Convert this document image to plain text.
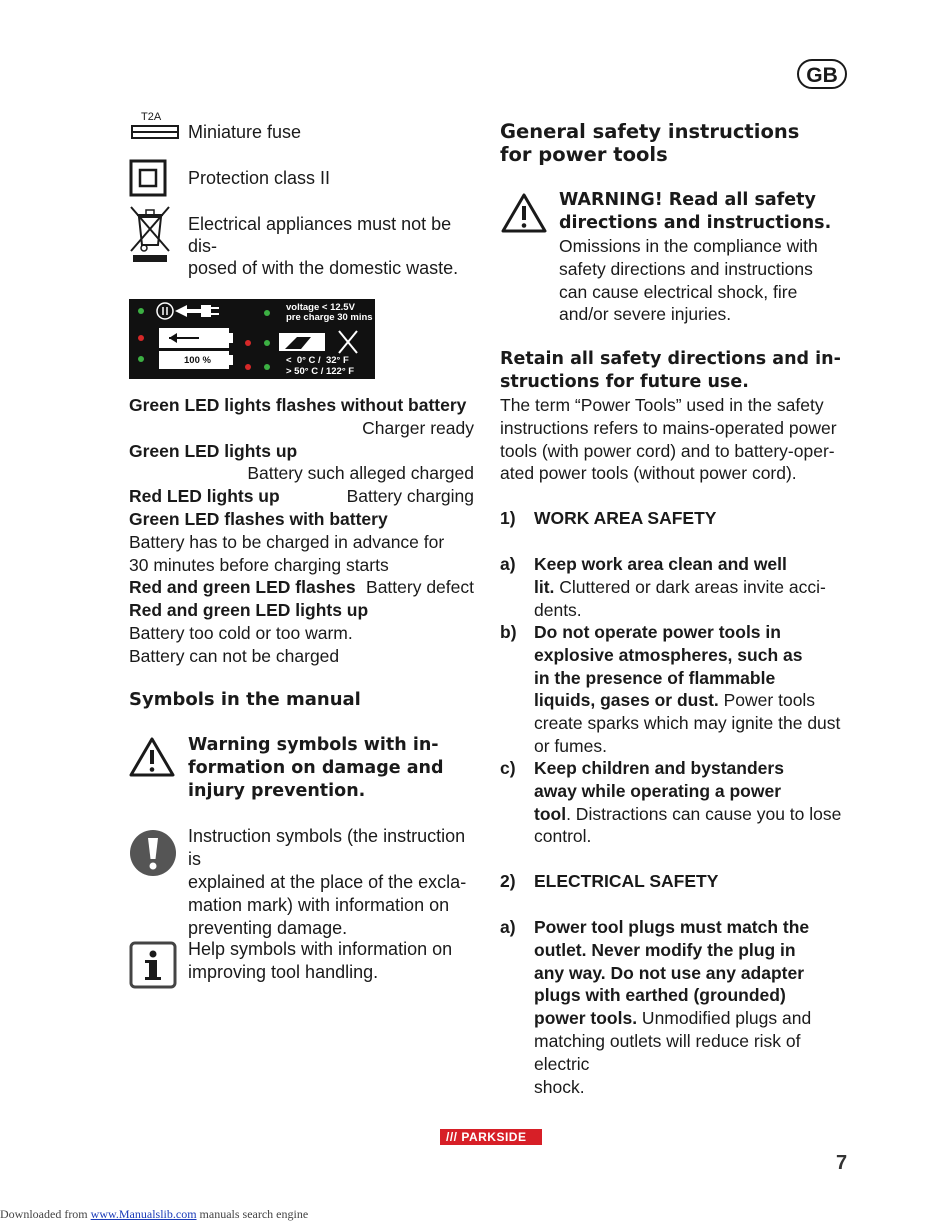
GB
T2A
Miniature fuse
Protection class II
Electrical appliances must not be dis-
posed of with the domestic waste.
voltage < 12.5V
pre charge 30 mins
100 %	<  0° C /  32° F
> 50° C / 122° F
Green LED lights flashes without battery
Charger ready
Green LED lights up
Battery such alleged charged
Red LED lights up	Battery charging
Green LED flashes with battery
Battery has to be charged in advance for
30 minutes before charging starts
Red and green LED flashes Battery defect
Red and green LED lights up
Battery too cold or too warm.
Battery can not be charged
Symbols in the manual
Warning symbols with in-
formation on damage and
injury prevention.
Instruction symbols (the instruction is
explained at the place of the excla-
mation mark) with information on
preventing damage.
Help symbols with information on
improving tool handling.
General safety instructions
for power tools
WARNING! Read all safety
directions and instructions.
Omissions in the compliance with
safety directions and instructions
can cause electrical shock, fire
and/or severe injuries.
Retain all safety directions and in-
structions for future use.
The term “Power Tools” used in the safety
instructions refers to mains-operated power
tools (with power cord) and to battery-oper-
ated power tools (without power cord).
1) WORK AREA SAFETY
a) Keep work area clean and well
lit. Cluttered or dark areas invite acci-
dents.
b) Do not operate power tools in
explosive atmospheres, such as
in the presence of flammable
liquids, gases or dust. Power tools
create sparks which may ignite the dust
or fumes.
c) Keep children and bystanders
away while operating a power
tool. Distractions can cause you to lose
control.
2) ELECTRICAL SAFETY
a) Power tool plugs must match the
outlet. Never modify the plug in
any way. Do not use any adapter
plugs with earthed (grounded)
power tools. Unmodified plugs and
matching outlets will reduce risk of electric
shock.
/// PARKSIDE
7
Downloaded from www.Manualslib.com manuals search engine
